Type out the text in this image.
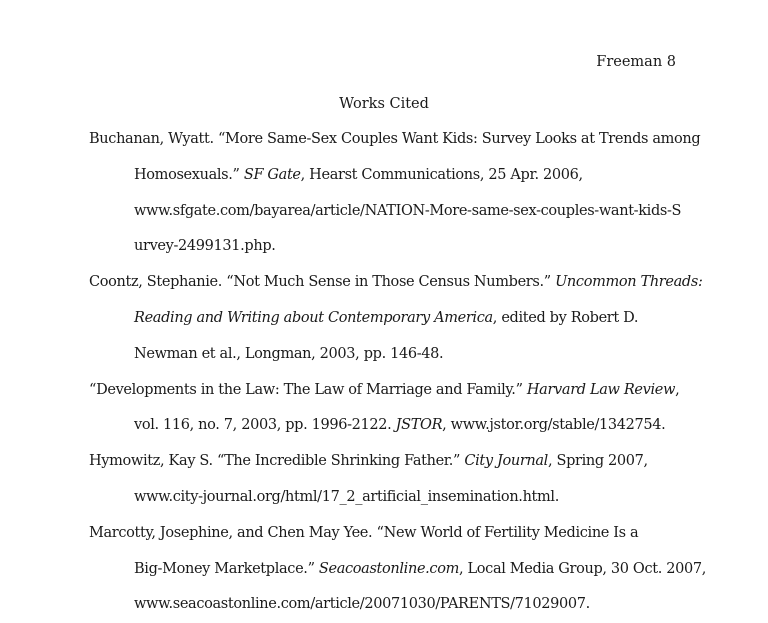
Freeman 8
Works Cited
Buchanan, Wyatt. “More Same-Sex Couples Want Kids: Survey Looks at Trends among
Homosexuals.” SF Gate, Hearst Communications, 25 Apr. 2006,
www.sfgate.com/bayarea/article/NATION-More-same-sex-couples-want-kids-S
urvey-2499131.php.
Coontz, Stephanie. “Not Much Sense in Those Census Numbers.” Uncommon Threads:
Reading and Writing about Contemporary America, edited by Robert D.
Newman et al., Longman, 2003, pp. 146-48.
“Developments in the Law: The Law of Marriage and Family.” Harvard Law Review,
vol. 116, no. 7, 2003, pp. 1996-2122. JSTOR, www.jstor.org/stable/1342754.
Hymowitz, Kay S. “The Incredible Shrinking Father.” City Journal, Spring 2007,
www.city-journal.org/html/17_2_artificial_insemination.html.
Marcotty, Josephine, and Chen May Yee. “New World of Fertility Medicine Is a
Big-Money Marketplace.” Seacoastonline.com, Local Media Group, 30 Oct. 2007,
www.seacoastonline.com/article/20071030/PARENTS/71029007.
